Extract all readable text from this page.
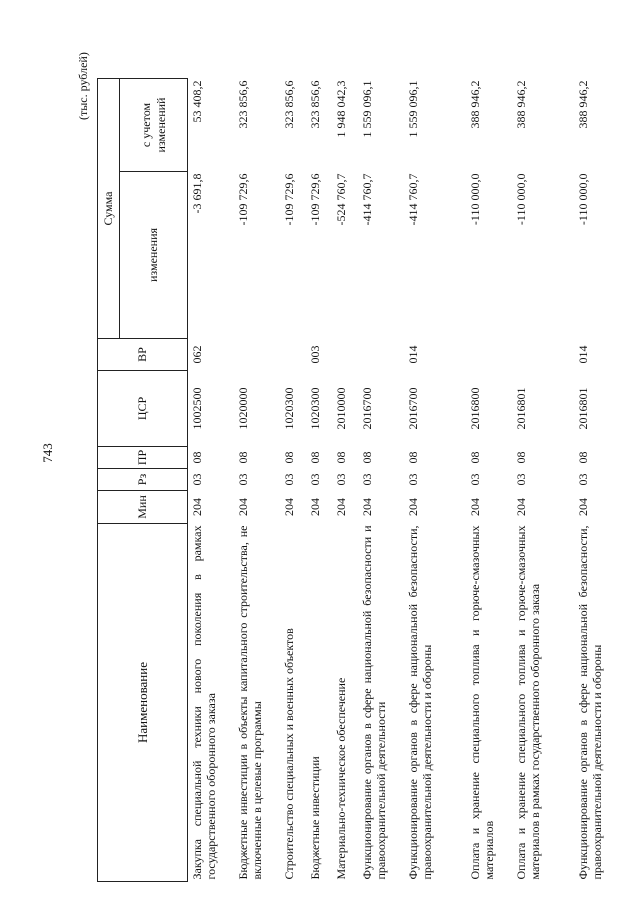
743
(тыс. рублей)
Наименование	Мин	Рз	ПР	ЦСР	ВР	Сумма	
						изменения	с учетом изменений
Закупка специальной техники нового поколения в рамках государственного оборонного заказа	204	03	08	1002500	062	-3 691,8	53 408,2
Бюджетные инвестиции в объекты капитального строительства, не включенные в целевые программы	204	03	08	1020000		-109 729,6	323 856,6
Строительство специальных и военных объектов	204	03	08	1020300		-109 729,6	323 856,6
Бюджетные инвестиции	204	03	08	1020300	003	-109 729,6	323 856,6
Материально-техническое обеспечение	204	03	08	2010000		-524 760,7	1 948 042,3
Функционирование органов в сфере национальной безопасности и правоохранительной деятельности	204	03	08	2016700		-414 760,7	1 559 096,1
Функционирование органов в сфере национальной безопасности, правоохранительной деятельности и обороны	204	03	08	2016700	014	-414 760,7	1 559 096,1
Оплата и хранение специального топлива и горюче-смазочных материалов	204	03	08	2016800		-110 000,0	388 946,2
Оплата и хранение специального топлива и горюче-смазочных материалов в рамках государственного оборонного заказа	204	03	08	2016801		-110 000,0	388 946,2
Функционирование органов в сфере национальной безопасности, правоохранительной деятельности и обороны	204	03	08	2016801	014	-110 000,0	388 946,2
